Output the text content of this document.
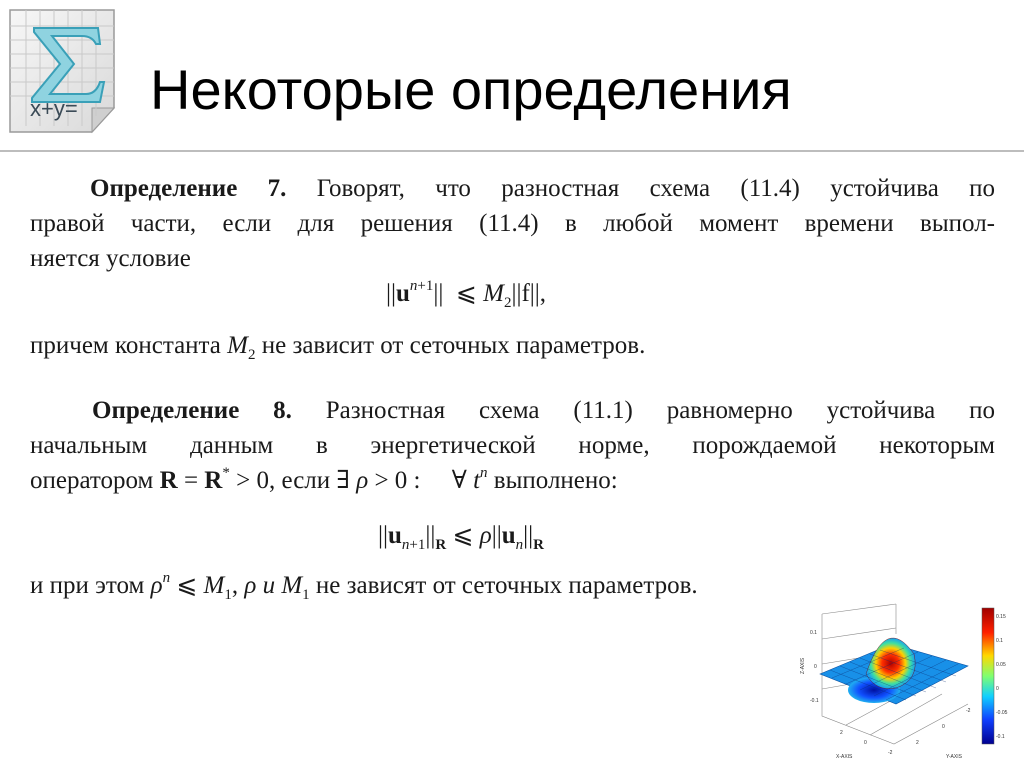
x+y= Некоторые определения
Определение 7. Говорят, что разностная схема (11.4) устойчива по
правой части, если для решения (11.4) в любой момент времени выпол-
няется условие
$||u^{n+1}||$  ⩽ $M_2||f||$,
причем константа $M_2$ не зависит от сеточных параметров.
Определение 8. Разностная схема (11.1) равномерно устойчива по
начальным данным в энергетической норме, порождаемой некоторым
оператором R = R* > 0, если ∃ ρ > 0 :     ∀ $t^n$ выполнено:
$||u_{n+1}||_R$ ⩽ $\rho||u_n||_R$
и при этом $\rho^n$ ⩽ $M_1$, ρ и $M_1$ не зависят от сеточных параметров.
0.15
0.1
0.05
0
-0.05
-0.1
0.1
0
-0.1
2
0
-2
2
0
-2
Z-AXIS
X-AXIS	Y-AXIS
